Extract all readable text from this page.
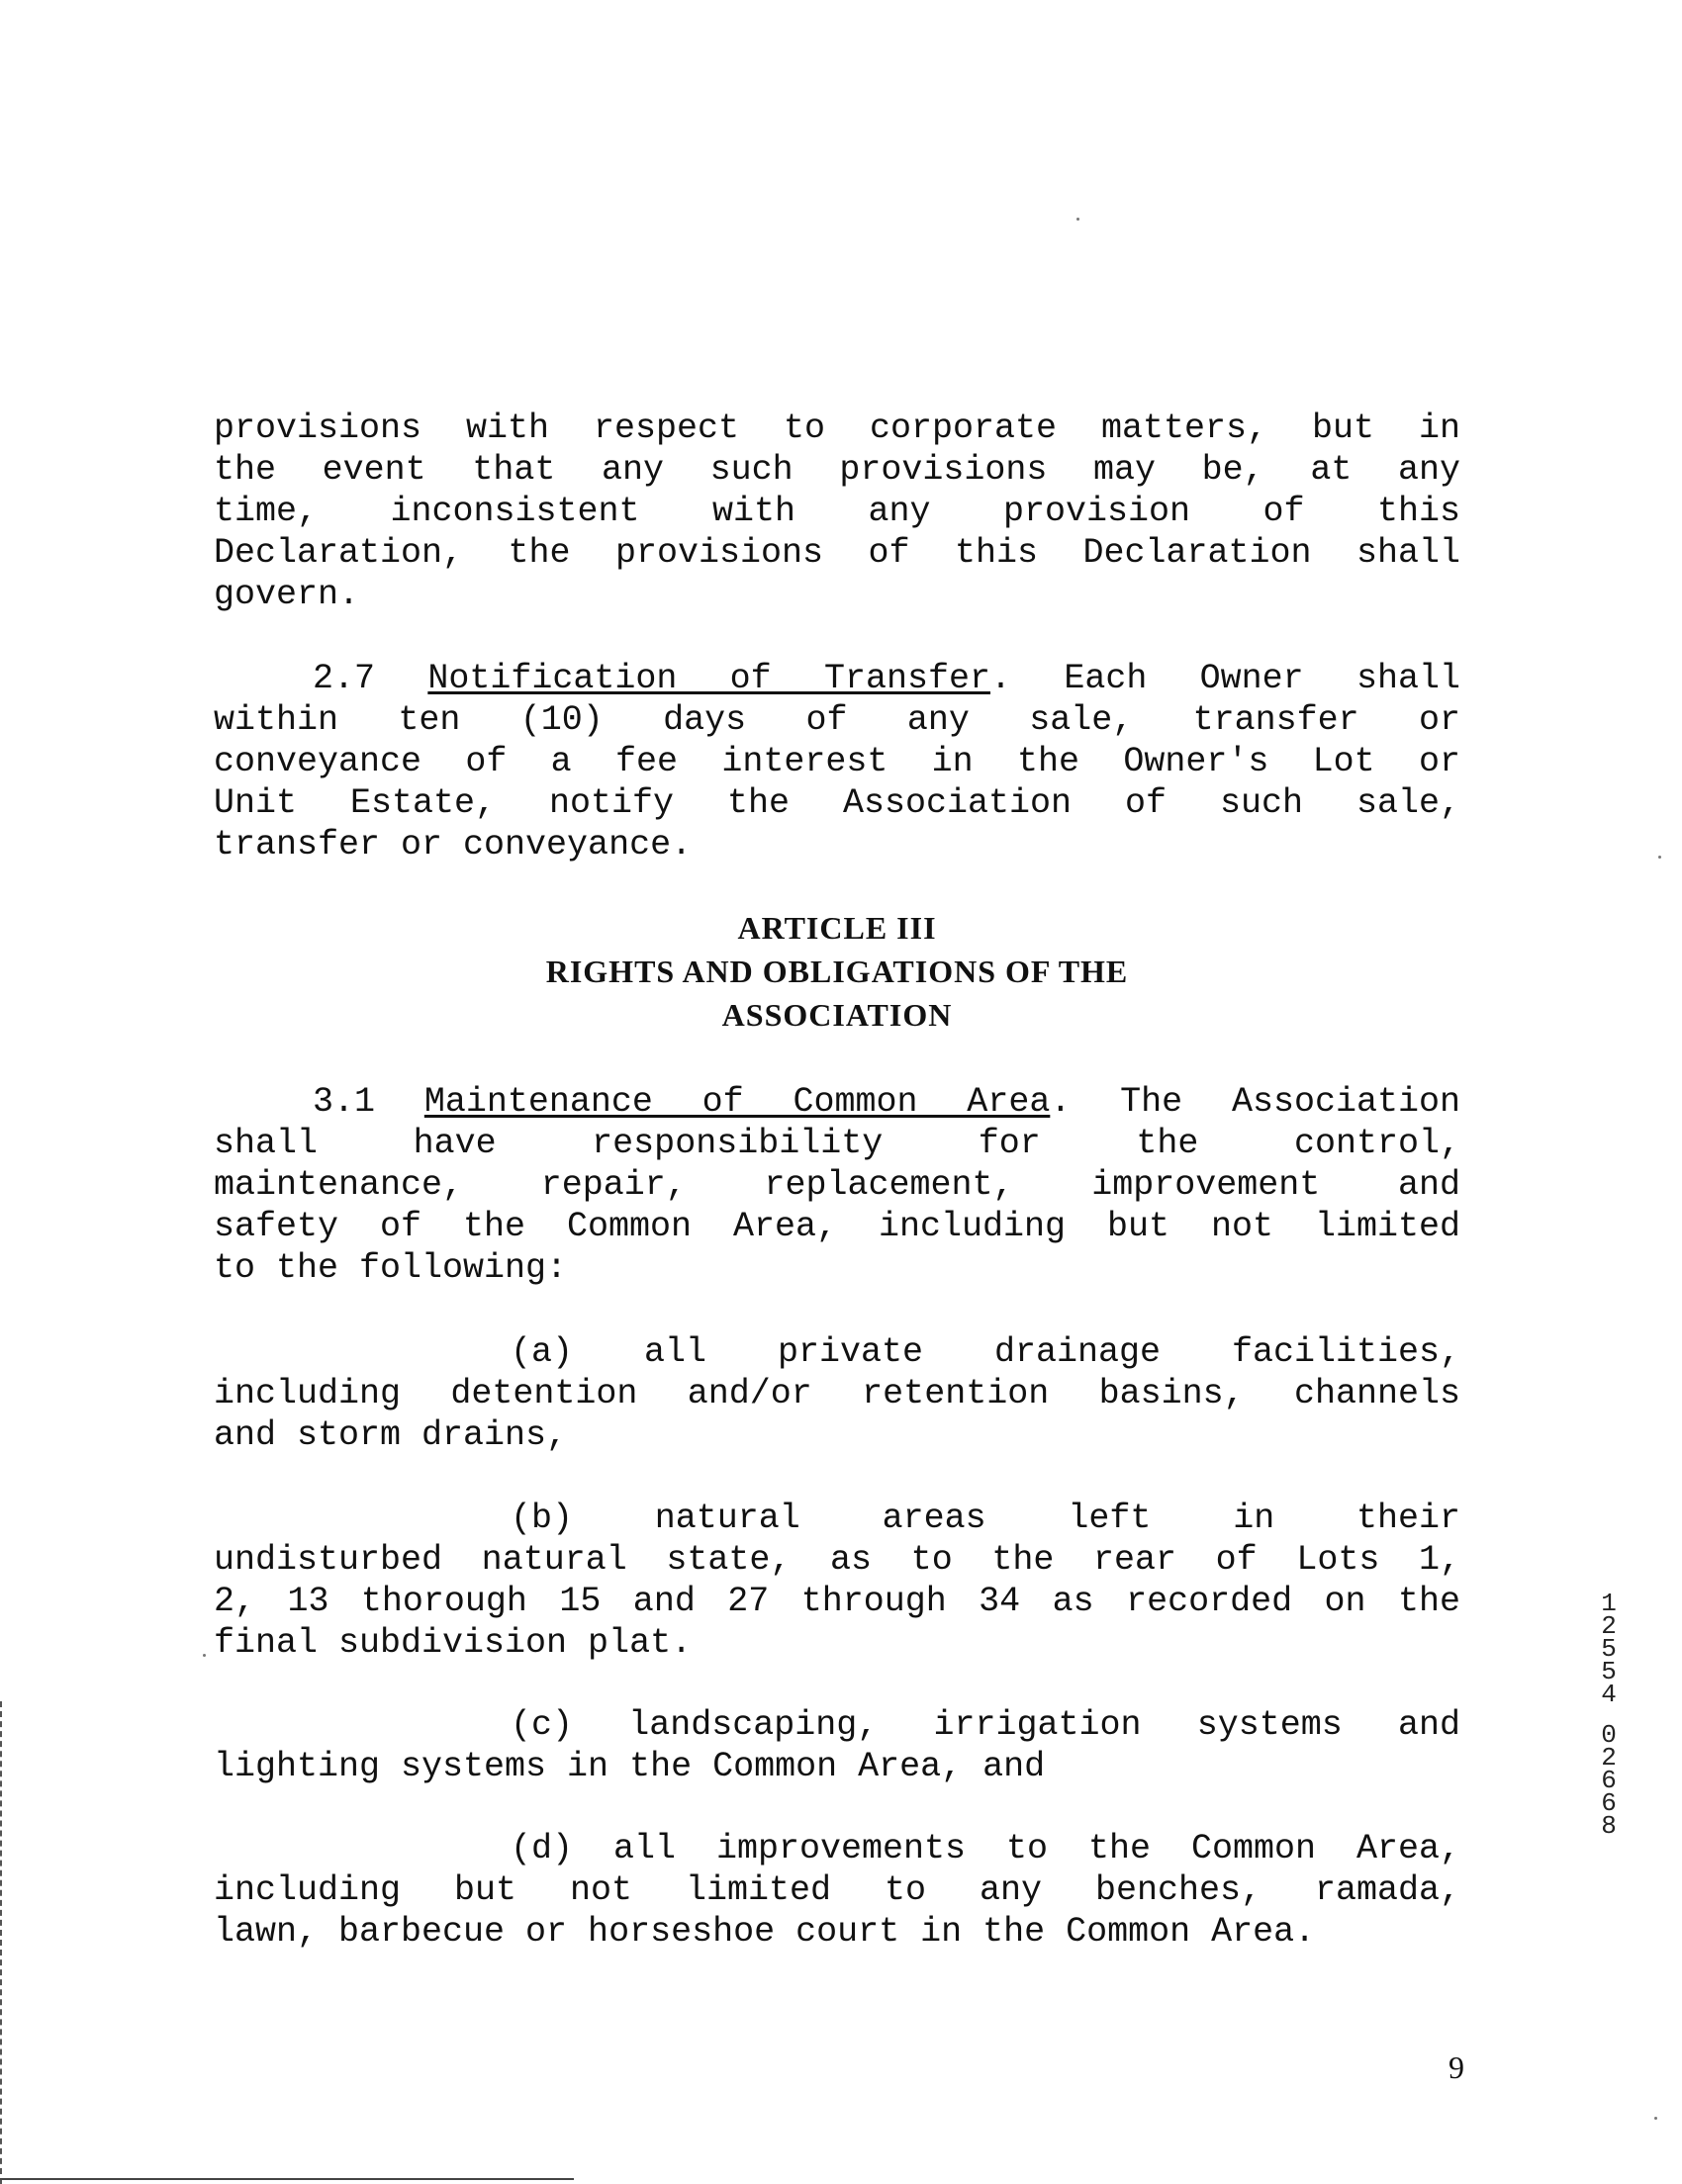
provisions with respect to corporate matters, but in
the event that any such provisions may be, at any
time, inconsistent with any provision of this
Declaration, the provisions of this Declaration shall
govern.
2.7 Notification of Transfer. Each Owner shall
within ten (10) days of any sale, transfer or
conveyance of a fee interest in the Owner's Lot or
Unit Estate, notify the Association of such sale,
transfer or conveyance.
ARTICLE III
RIGHTS AND OBLIGATIONS OF THE
ASSOCIATION
3.1 Maintenance of Common Area. The Association
shall have responsibility for the control,
maintenance, repair, replacement, improvement and
safety of the Common Area, including but not limited
to the following:
(a) all private drainage facilities,
including detention and/or retention basins, channels
and storm drains,
(b) natural areas left in their
undisturbed natural state, as to the rear of Lots 1,
2, 13 thorough 15 and 27 through 34 as recorded on the
final subdivision plat.
(c) landscaping, irrigation systems and
lighting systems in the Common Area, and
(d) all improvements to the Common Area,
including but not limited to any benches, ramada,
lawn, barbecue or horseshoe court in the Common Area.
9
1
2
5
5
4
0
2
6
6
8
